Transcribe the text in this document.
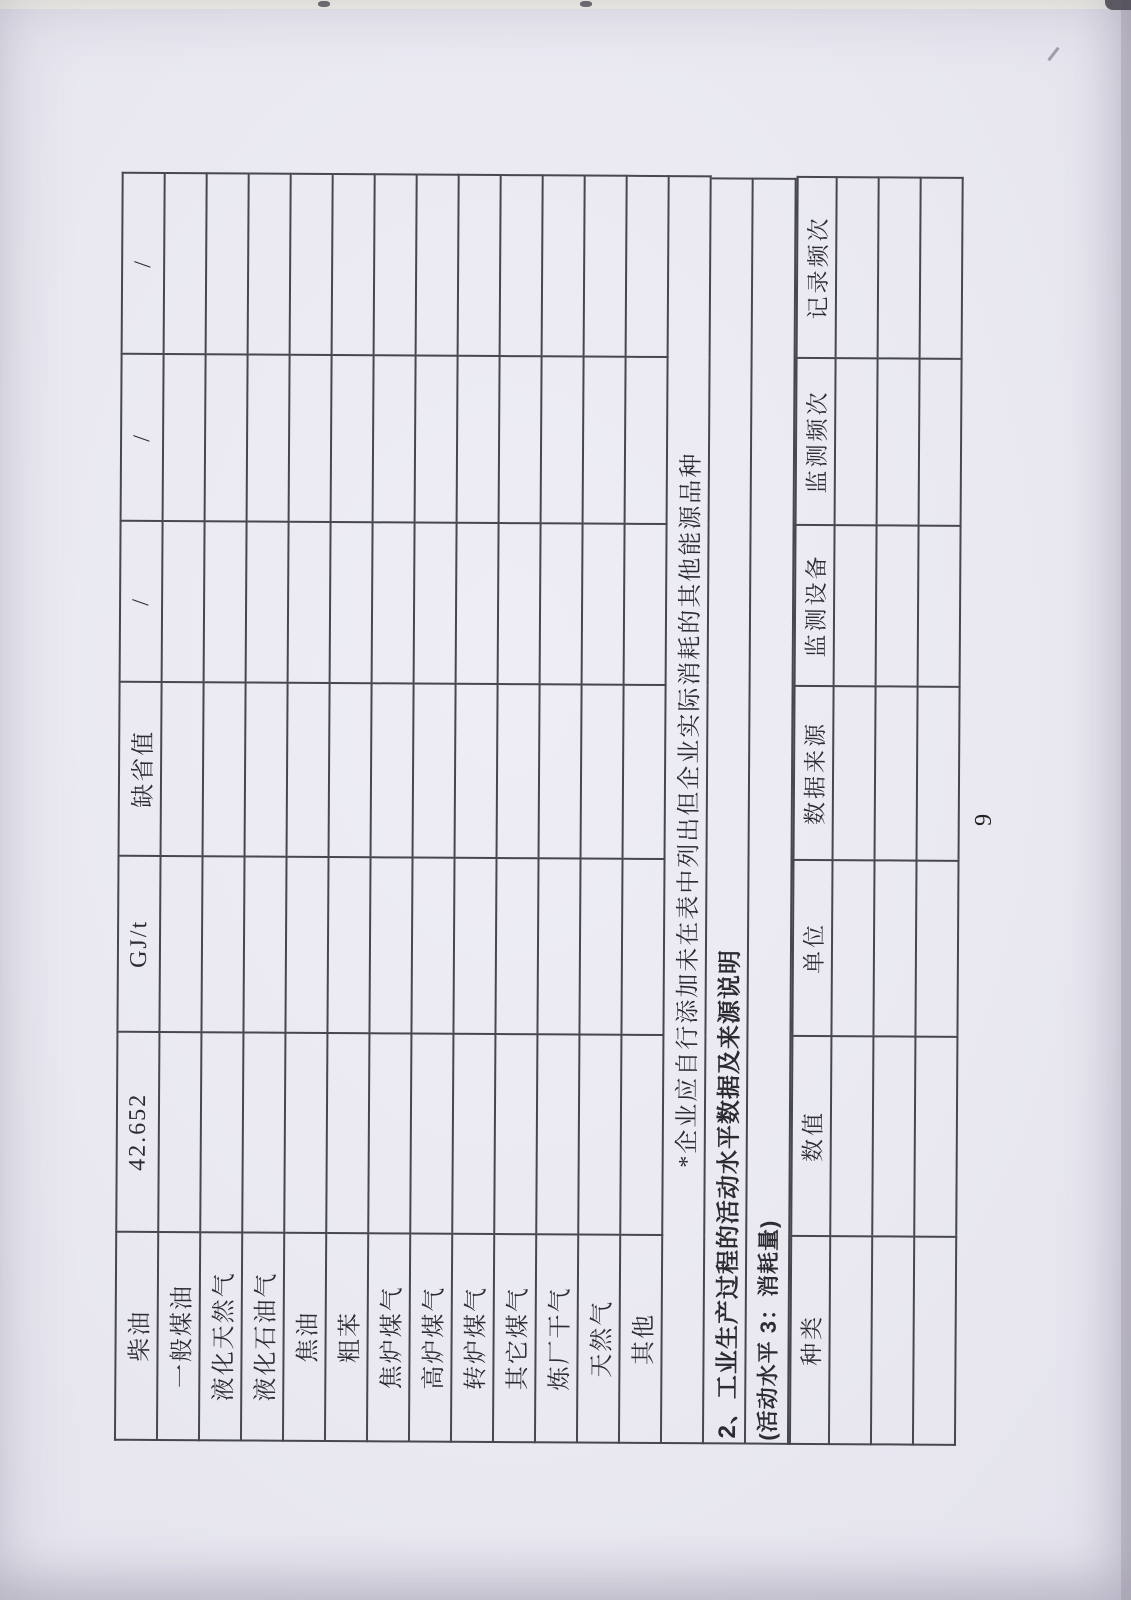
柴油	42.652	GJ/t	缺省值	/	/	/
一般煤油						
液化天然气						
液化石油气						
焦油						
粗苯						
焦炉煤气						
高炉煤气						
转炉煤气						
其它煤气						
炼厂干气						
天然气						
其他						
*企业应自行添加未在表中列出但企业实际消耗的其他能源品种						
2、工业生产过程的活动水平数据及来源说明 (活动水平 3：消耗量) 种类	数值	单位	数据来源	监测设备	监测频次	记录频次

9
